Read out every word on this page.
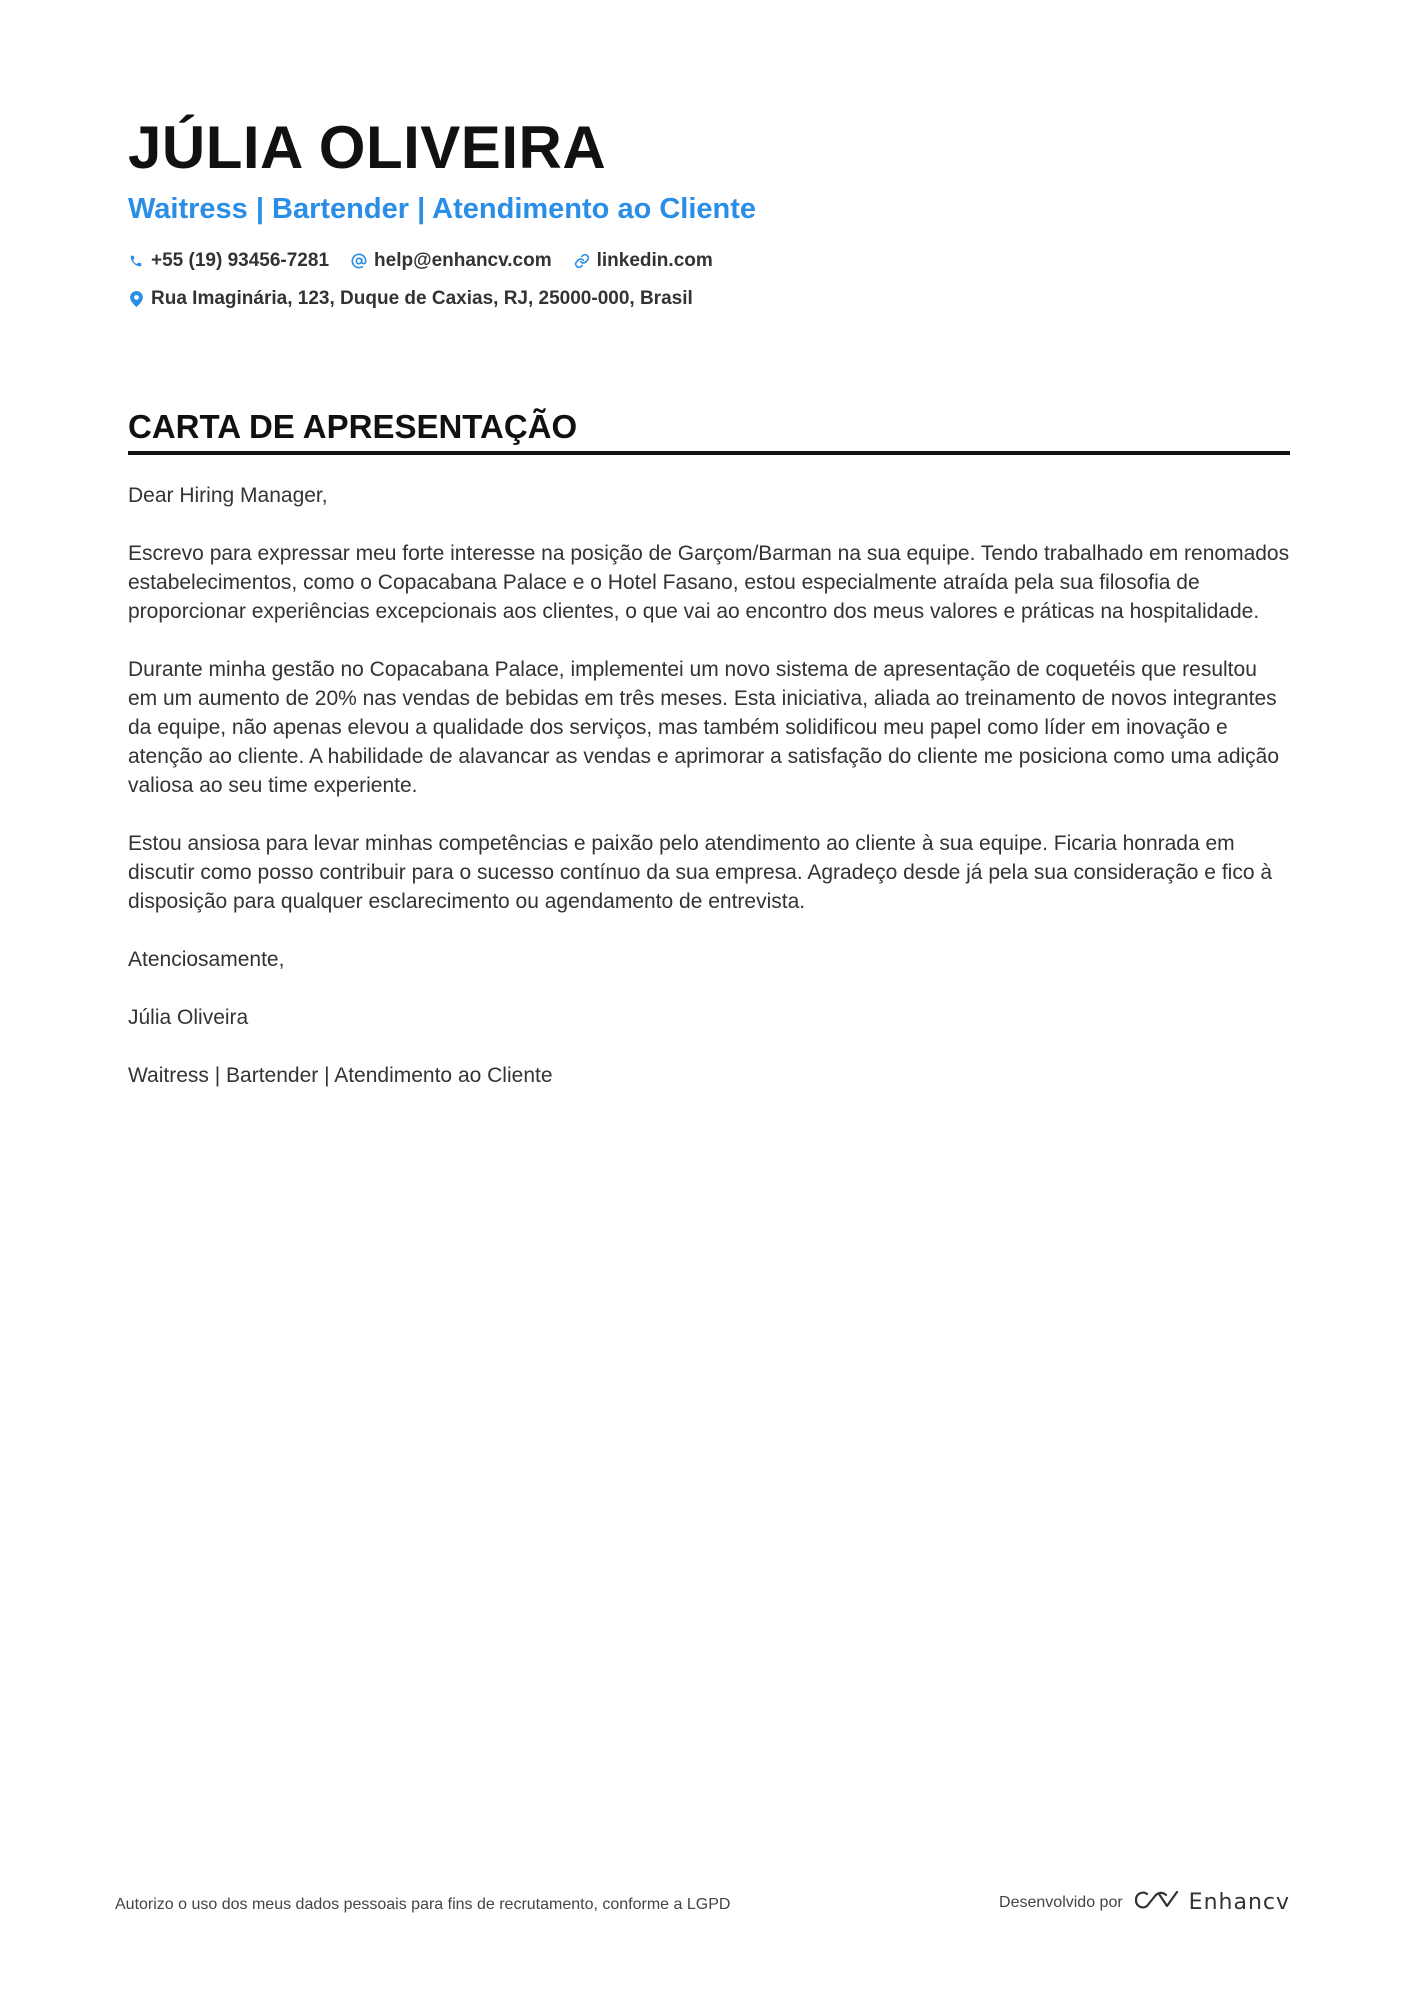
JÚLIA OLIVEIRA
Waitress | Bartender | Atendimento ao Cliente
+55 (19) 93456-7281 help@enhancv.com linkedin.com
Rua Imaginária, 123, Duque de Caxias, RJ, 25000-000, Brasil
CARTA DE APRESENTAÇÃO

Dear Hiring Manager,

Escrevo para expressar meu forte interesse na posição de Garçom/Barman na sua equipe. Tendo trabalhado em renomados estabelecimentos, como o Copacabana Palace e o Hotel Fasano, estou especialmente atraída pela sua filosofia de proporcionar experiências excepcionais aos clientes, o que vai ao encontro dos meus valores e práticas na hospitalidade.

Durante minha gestão no Copacabana Palace, implementei um novo sistema de apresentação de coquetéis que resultou em um aumento de 20% nas vendas de bebidas em três meses. Esta iniciativa, aliada ao treinamento de novos integrantes da equipe, não apenas elevou a qualidade dos serviços, mas também solidificou meu papel como líder em inovação e atenção ao cliente. A habilidade de alavancar as vendas e aprimorar a satisfação do cliente me posiciona como uma adição valiosa ao seu time experiente.

Estou ansiosa para levar minhas competências e paixão pelo atendimento ao cliente à sua equipe. Ficaria honrada em discutir como posso contribuir para o sucesso contínuo da sua empresa. Agradeço desde já pela sua consideração e fico à disposição para qualquer esclarecimento ou agendamento de entrevista.

Atenciosamente,

Júlia Oliveira

Waitress | Bartender | Atendimento ao Cliente

Autorizo o uso dos meus dados pessoais para fins de recrutamento, conforme a LGPD	Desenvolvido por	Enhancv
